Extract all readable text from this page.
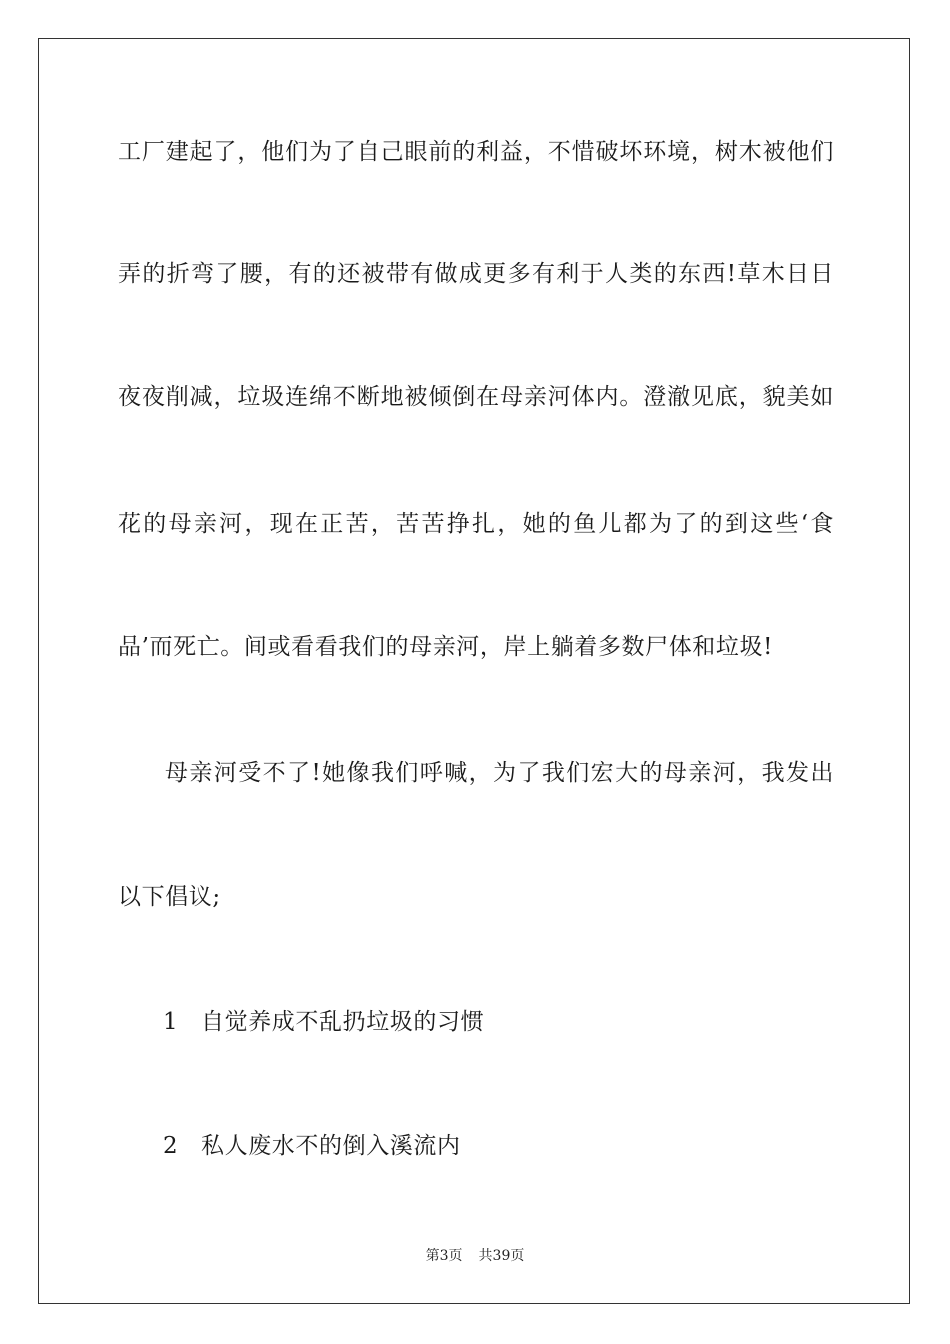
工厂建起了，他们为了自己眼前的利益，不惜破坏环境，树木被他们
弄的折弯了腰，有的还被带有做成更多有利于人类的东西!草木日日
夜夜削减，垃圾连绵不断地被倾倒在母亲河体内。澄澈见底，貌美如
花的母亲河，现在正苦，苦苦挣扎，她的鱼儿都为了的到这些‘食
品’而死亡。间或看看我们的母亲河，岸上躺着多数尸体和垃圾!
母亲河受不了!她像我们呼喊，为了我们宏大的母亲河，我发出
以下倡议;
1 自觉养成不乱扔垃圾的习惯
2 私人废水不的倒入溪流内
第3页 共39页
